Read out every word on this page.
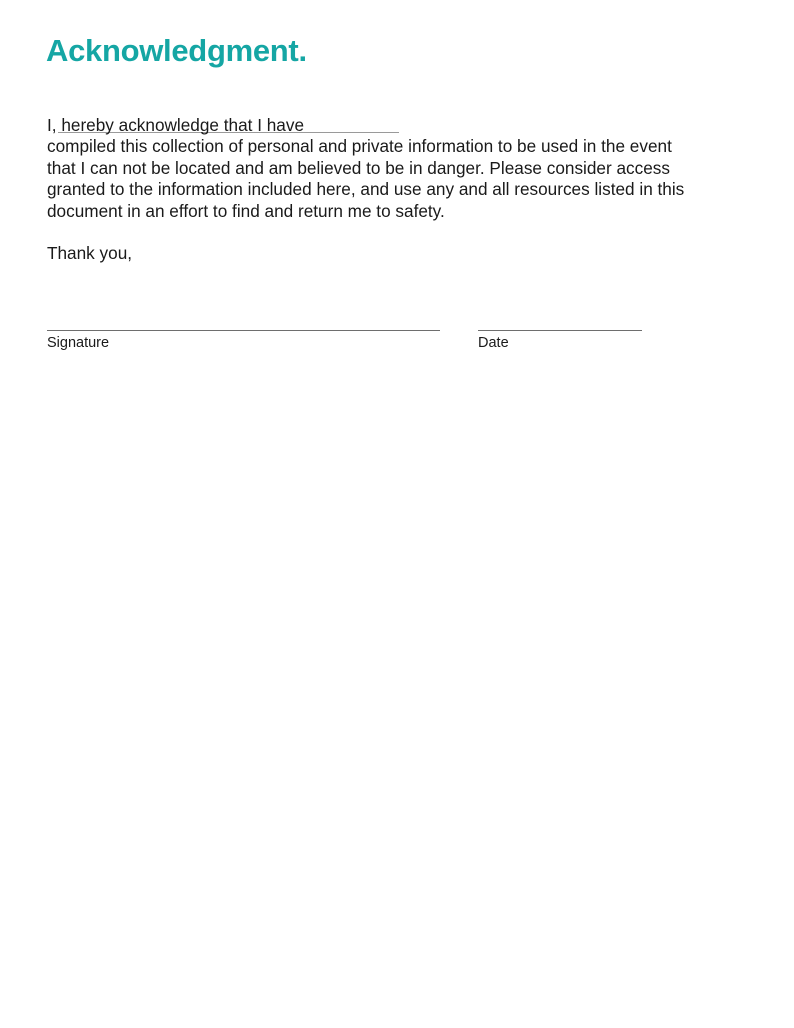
Acknowledgment.
I, hereby acknowledge that I have
compiled this collection of personal and private information to be used in the event
that I can not be located and am believed to be in danger. Please consider access
granted to the information included here, and use any and all resources listed in this
document in an effort to find and return me to safety.
Thank you,
Signature	Date
